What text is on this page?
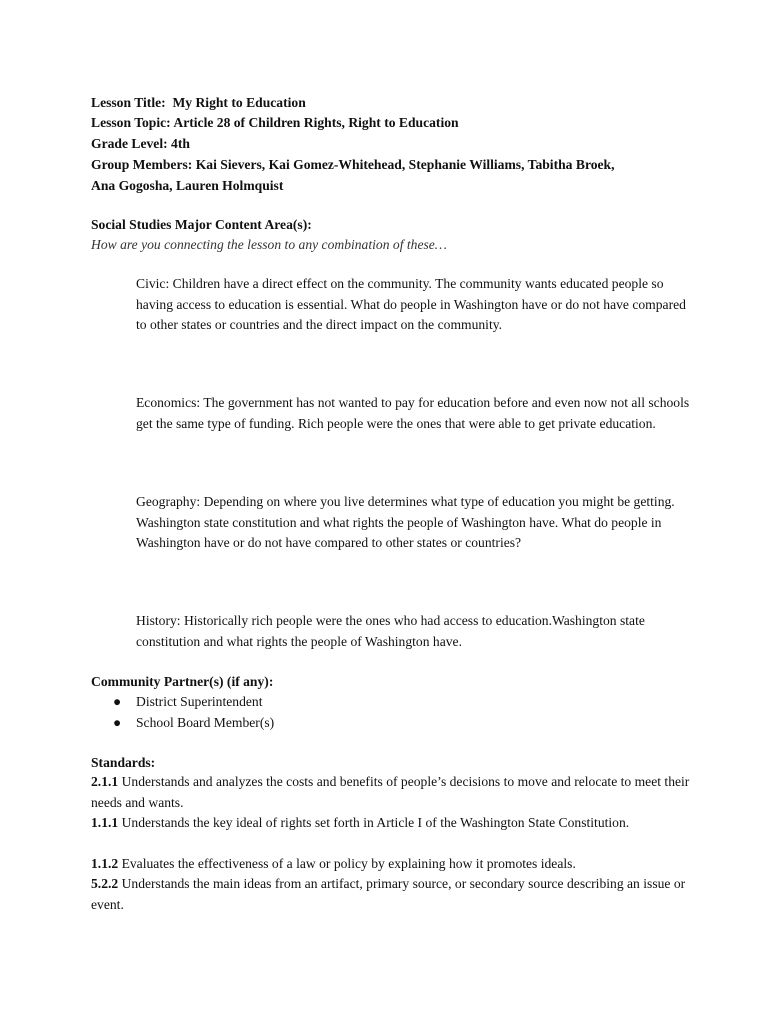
Lesson Title: My Right to Education
Lesson Topic: Article 28 of Children Rights, Right to Education
Grade Level: 4th
Group Members: Kai Sievers, Kai Gomez-Whitehead, Stephanie Williams, Tabitha Broek,
Ana Gogosha, Lauren Holmquist
Social Studies Major Content Area(s):
How are you connecting the lesson to any combination of these…

Civic: Children have a direct effect on the community. The community wants educated people so having access to education is essential. What do people in Washington have or do not have compared to other states or countries and the direct impact on the community.

Economics: The government has not wanted to pay for education before and even now not all schools get the same type of funding. Rich people were the ones that were able to get private education.

Geography: Depending on where you live determines what type of education you might be getting. Washington state constitution and what rights the people of Washington have. What do people in Washington have or do not have compared to other states or countries?

History: Historically rich people were the ones who had access to education.Washington state constitution and what rights the people of Washington have.

Community Partner(s) (if any):
● District Superintendent
● School Board Member(s)
Standards:

2.1.1 Understands and analyzes the costs and benefits of people’s decisions to move and relocate to meet their needs and wants.

1.1.1 Understands the key ideal of rights set forth in Article I of the Washington State Constitution.

1.1.2 Evaluates the effectiveness of a law or policy by explaining how it promotes ideals.

5.2.2 Understands the main ideas from an artifact, primary source, or secondary source describing an issue or event.
